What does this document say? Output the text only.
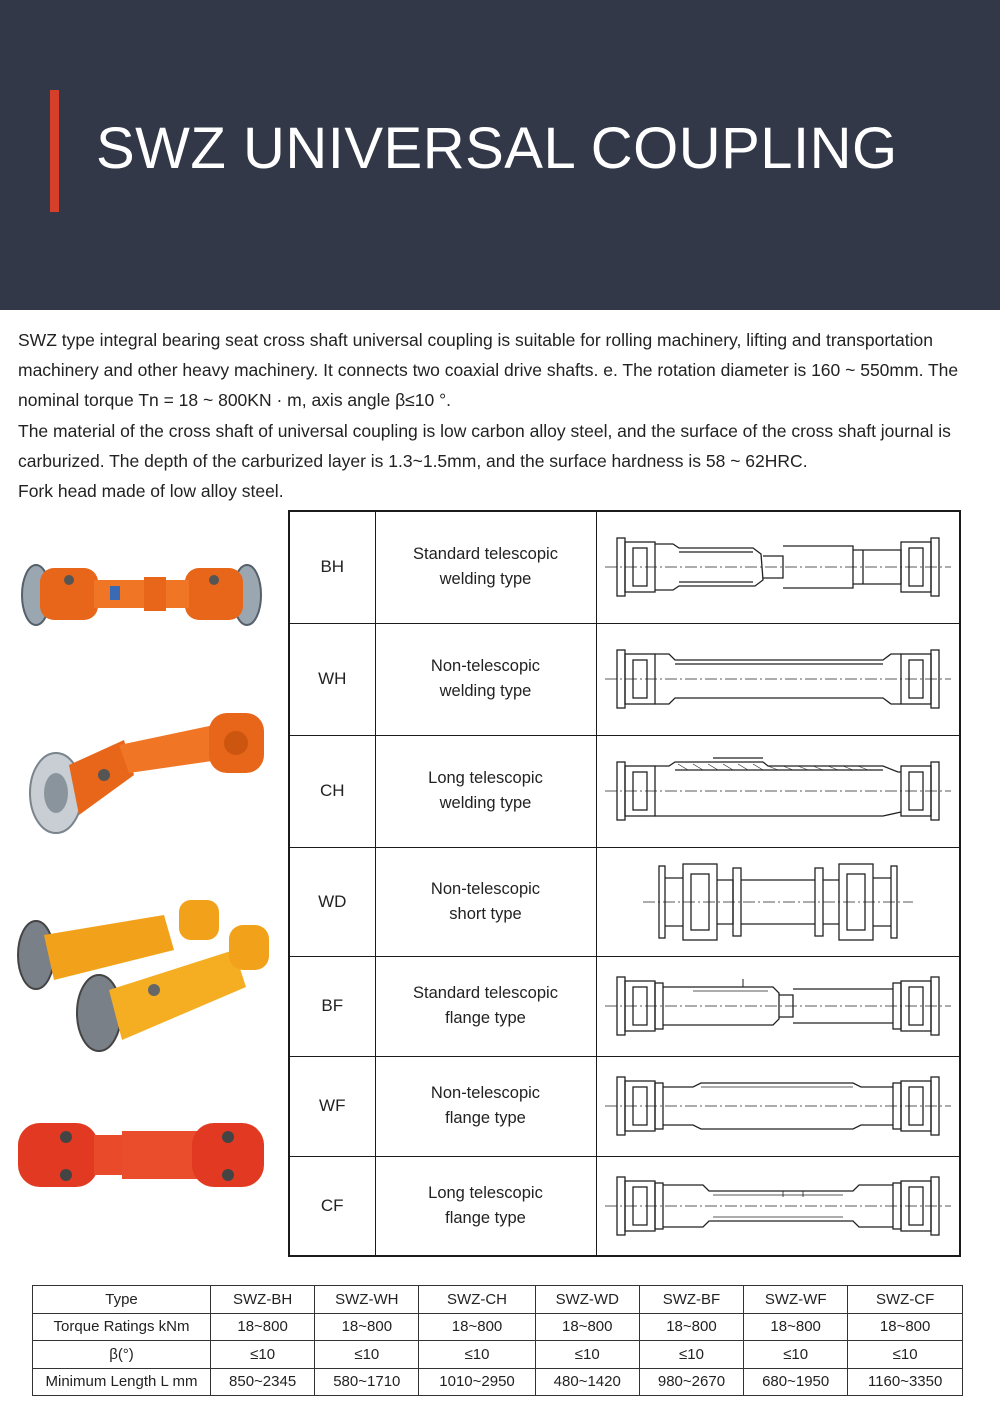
SWZ UNIVERSAL COUPLING

SWZ type integral bearing seat cross shaft universal coupling is suitable for rolling machinery, lifting and transportation machinery and other heavy machinery. It connects two coaxial drive shafts. e. The rotation diameter is 160 ~ 550mm. The nominal torque Tn = 18 ~ 800KN · m, axis angle β≤10 °.

The material of the cross shaft of universal coupling is low carbon alloy steel, and the surface of the cross shaft journal is carburized. The depth of the carburized layer is 1.3~1.5mm, and the surface hardness is 58 ~ 62HRC.

Fork head made of low alloy steel.

BH	Standard telescopic
welding type

WH	Non-telescopic
welding type

CH	Long telescopic
welding type

WD	Non-telescopic
short type

BF	Standard telescopic
flange type

WF	Non-telescopic
flange type

CF	Long telescopic
flange type

Type	SWZ-BH	SWZ-WH	SWZ-CH	SWZ-WD	SWZ-BF	SWZ-WF	SWZ-CF
Torque Ratings kNm	18~800	18~800	18~800	18~800	18~800	18~800	18~800
β(°)	≤10	≤10	≤10	≤10	≤10	≤10	≤10
Minimum Length L mm	850~2345	580~1710	1010~2950	480~1420	980~2670	680~1950	1160~3350
